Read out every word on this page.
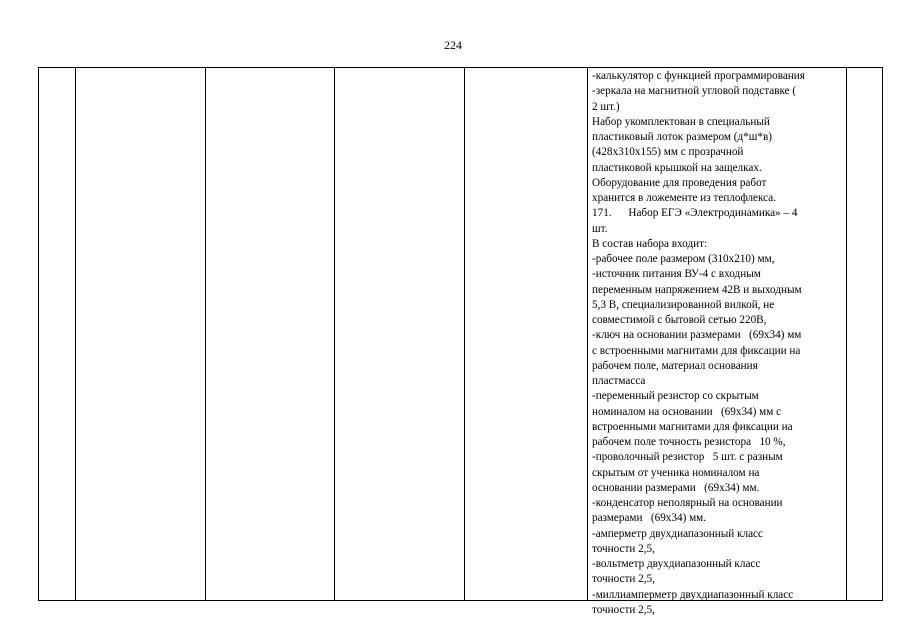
224
-калькулятор с функцией программирования
-зеркала на магнитной угловой подставке (
2 шт.)
Набор укомплектован в специальный
пластиковый лоток размером (д*ш*в)
(428х310х155) мм с прозрачной
пластиковой крышкой на защелках.
Оборудование для проведения работ
хранится в ложементе из теплофлекса.
171.      Набор ЕГЭ «Электродинамика» – 4
шт.
В состав набора входит:
-рабочее поле размером (310х210) мм,
-источник питания ВУ-4 с входным
переменным напряжением 42В и выходным
5,3 В, специализированной вилкой, не
совместимой с бытовой сетью 220В,
-ключ на основании размерами   (69х34) мм
с встроенными магнитами для фиксации на
рабочем поле, материал основания
пластмасса
-переменный резистор со скрытым
номиналом на основании   (69х34) мм с
встроенными магнитами для фиксации на
рабочем поле точность резистора   10 %,
-проволочный резистор   5 шт. с разным
скрытым от ученика номиналом на
основании размерами   (69х34) мм.
-конденсатор неполярный на основании
размерами   (69х34) мм.
-амперметр двухдиапазонный класс
точности 2,5,
-вольтметр двухдиапазонный класс
точности 2,5,
-миллиамперметр двухдиапазонный класс
точности 2,5,
